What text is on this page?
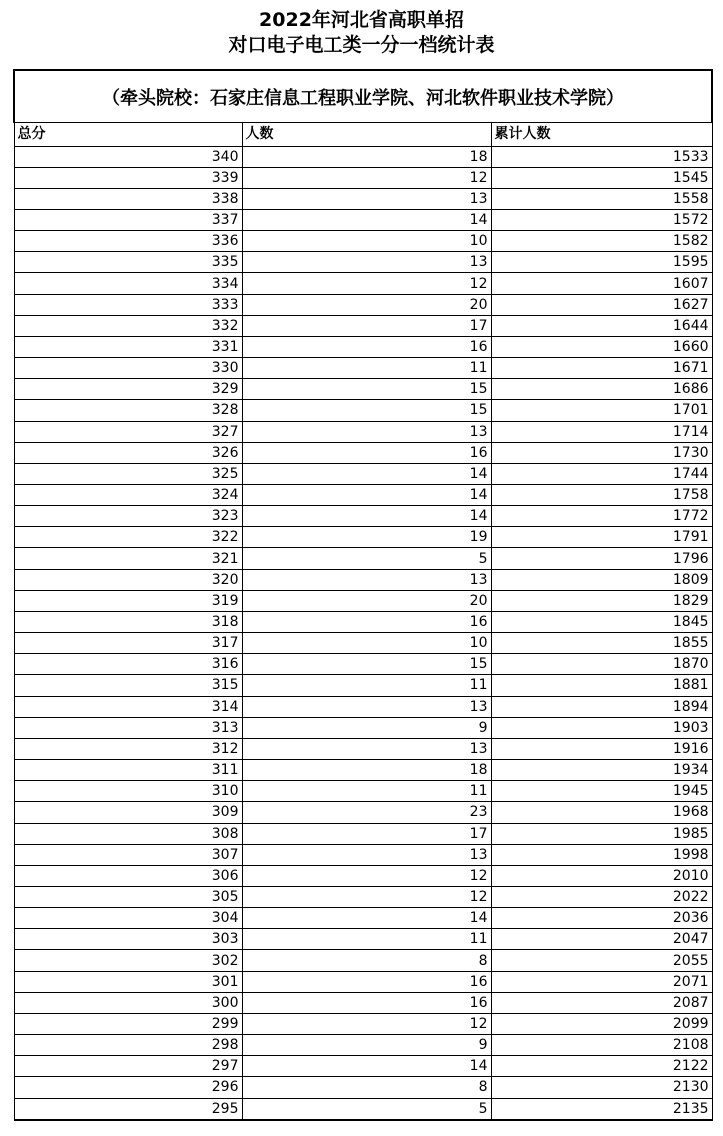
2022年河北省高职单招
对口电子电工类一分一档统计表
（牵头院校：石家庄信息工程职业学院、河北软件职业技术学院）		
总分	人数	累计人数
340	18	1533
339	12	1545
338	13	1558
337	14	1572
336	10	1582
335	13	1595
334	12	1607
333	20	1627
332	17	1644
331	16	1660
330	11	1671
329	15	1686
328	15	1701
327	13	1714
326	16	1730
325	14	1744
324	14	1758
323	14	1772
322	19	1791
321	5	1796
320	13	1809
319	20	1829
318	16	1845
317	10	1855
316	15	1870
315	11	1881
314	13	1894
313	9	1903
312	13	1916
311	18	1934
310	11	1945
309	23	1968
308	17	1985
307	13	1998
306	12	2010
305	12	2022
304	14	2036
303	11	2047
302	8	2055
301	16	2071
300	16	2087
299	12	2099
298	9	2108
297	14	2122
296	8	2130
295	5	2135
